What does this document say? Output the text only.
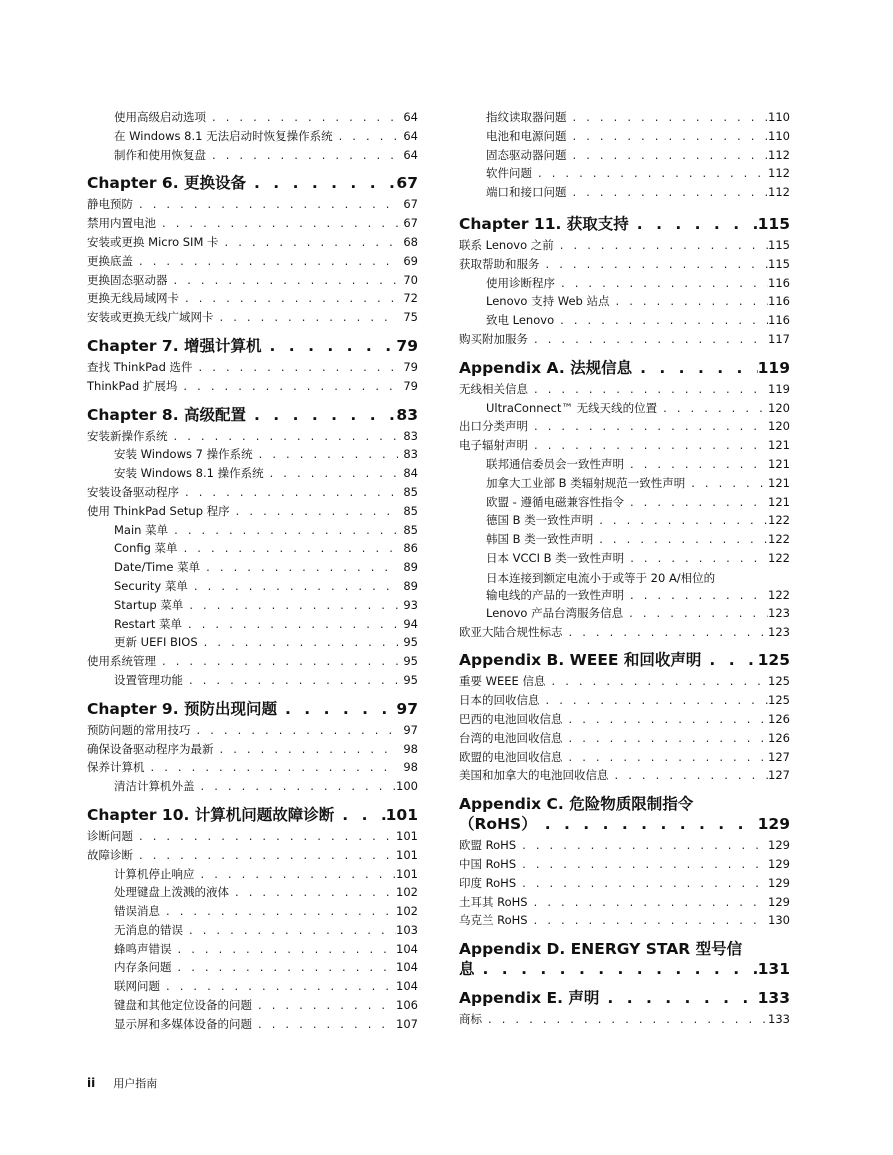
使用高级启动选项 . . .	64
在 Windows 8.1 无法启动时恢复操作系统 . . .	64
制作和使用恢复盘 . . .	64
Chapter 6. 更换设备 . . .	67
静电预防 . . .	67
禁用内置电池 . . .	67
安装或更换 Micro SIM 卡 . . .	68
更换底盖 . . .	69
更换固态驱动器 . . .	70
更换无线局域网卡 . . .	72
安装或更换无线广域网卡 . . .	75
Chapter 7. 增强计算机 . . .	79
查找 ThinkPad 选件 . . .	79
ThinkPad 扩展坞 . . .	79
Chapter 8. 高级配置 . . .	83
安装新操作系统 . . .	83
安装 Windows 7 操作系统 . . .	83
安装 Windows 8.1 操作系统 . . .	84
安装设备驱动程序 . . .	85
使用 ThinkPad Setup 程序 . . .	85
Main 菜单 . . .	85
Config 菜单 . . .	86
Date/Time 菜单 . . .	89
Security 菜单 . . .	89
Startup 菜单 . . .	93
Restart 菜单 . . .	94
更新 UEFI BIOS . . .	95
使用系统管理 . . .	95
设置管理功能 . . .	95
Chapter 9. 预防出现问题 . . .	97
预防问题的常用技巧 . . .	97
确保设备驱动程序为最新 . . .	98
保养计算机 . . .	98
清洁计算机外盖 . . .	100
Chapter 10. 计算机问题故障诊断 . . .	101
诊断问题 . . .	101
故障诊断 . . .	101
计算机停止响应 . . .	101
处理键盘上泼溅的液体 . . .	102
错误消息 . . .	102
无消息的错误 . . .	103
蜂鸣声错误 . . .	104
内存条问题 . . .	104
联网问题 . . .	104
键盘和其他定位设备的问题 . . .	106
显示屏和多媒体设备的问题 . . .	107
指纹读取器问题 . . .	110
电池和电源问题 . . .	110
固态驱动器问题 . . .	112
软件问题 . . .	112
端口和接口问题 . . .	112
Chapter 11. 获取支持 . . .	115
联系 Lenovo 之前 . . .	115
获取帮助和服务 . . .	115
使用诊断程序 . . .	116
Lenovo 支持 Web 站点 . . .	116
致电 Lenovo . . .	116
购买附加服务 . . .	117
Appendix A. 法规信息 . . .	119
无线相关信息 . . .	119
UltraConnect™ 无线天线的位置 . . .	120
出口分类声明 . . .	120
电子辐射声明 . . .	121
联邦通信委员会一致性声明 . . .	121
加拿大工业部 B 类辐射规范一致性声明 . . .	121
欧盟 - 遵循电磁兼容性指令 . . .	121
德国 B 类一致性声明 . . .	122
韩国 B 类一致性声明 . . .	122
日本 VCCI B 类一致性声明 . . .	122
日本连接到额定电流小于或等于 20 A/相位的
输电线的产品的一致性声明 . . .	122
Lenovo 产品台湾服务信息 . . .	123
欧亚大陆合规性标志 . . .	123
Appendix B. WEEE 和回收声明 . . .	125
重要 WEEE 信息 . . .	125
日本的回收信息 . . .	125
巴西的电池回收信息 . . .	126
台湾的电池回收信息 . . .	126
欧盟的电池回收信息 . . .	127
美国和加拿大的电池回收信息 . . .	127
Appendix C. 危险物质限制指令
（RoHS） . . .	129
欧盟 RoHS . . .	129
中国 RoHS . . .	129
印度 RoHS . . .	129
土耳其 RoHS . . .	129
乌克兰 RoHS . . .	130
Appendix D. ENERGY STAR 型号信
息 . . .	131
Appendix E. 声明 . . .	133
商标 . . .	133
ii 用户指南
